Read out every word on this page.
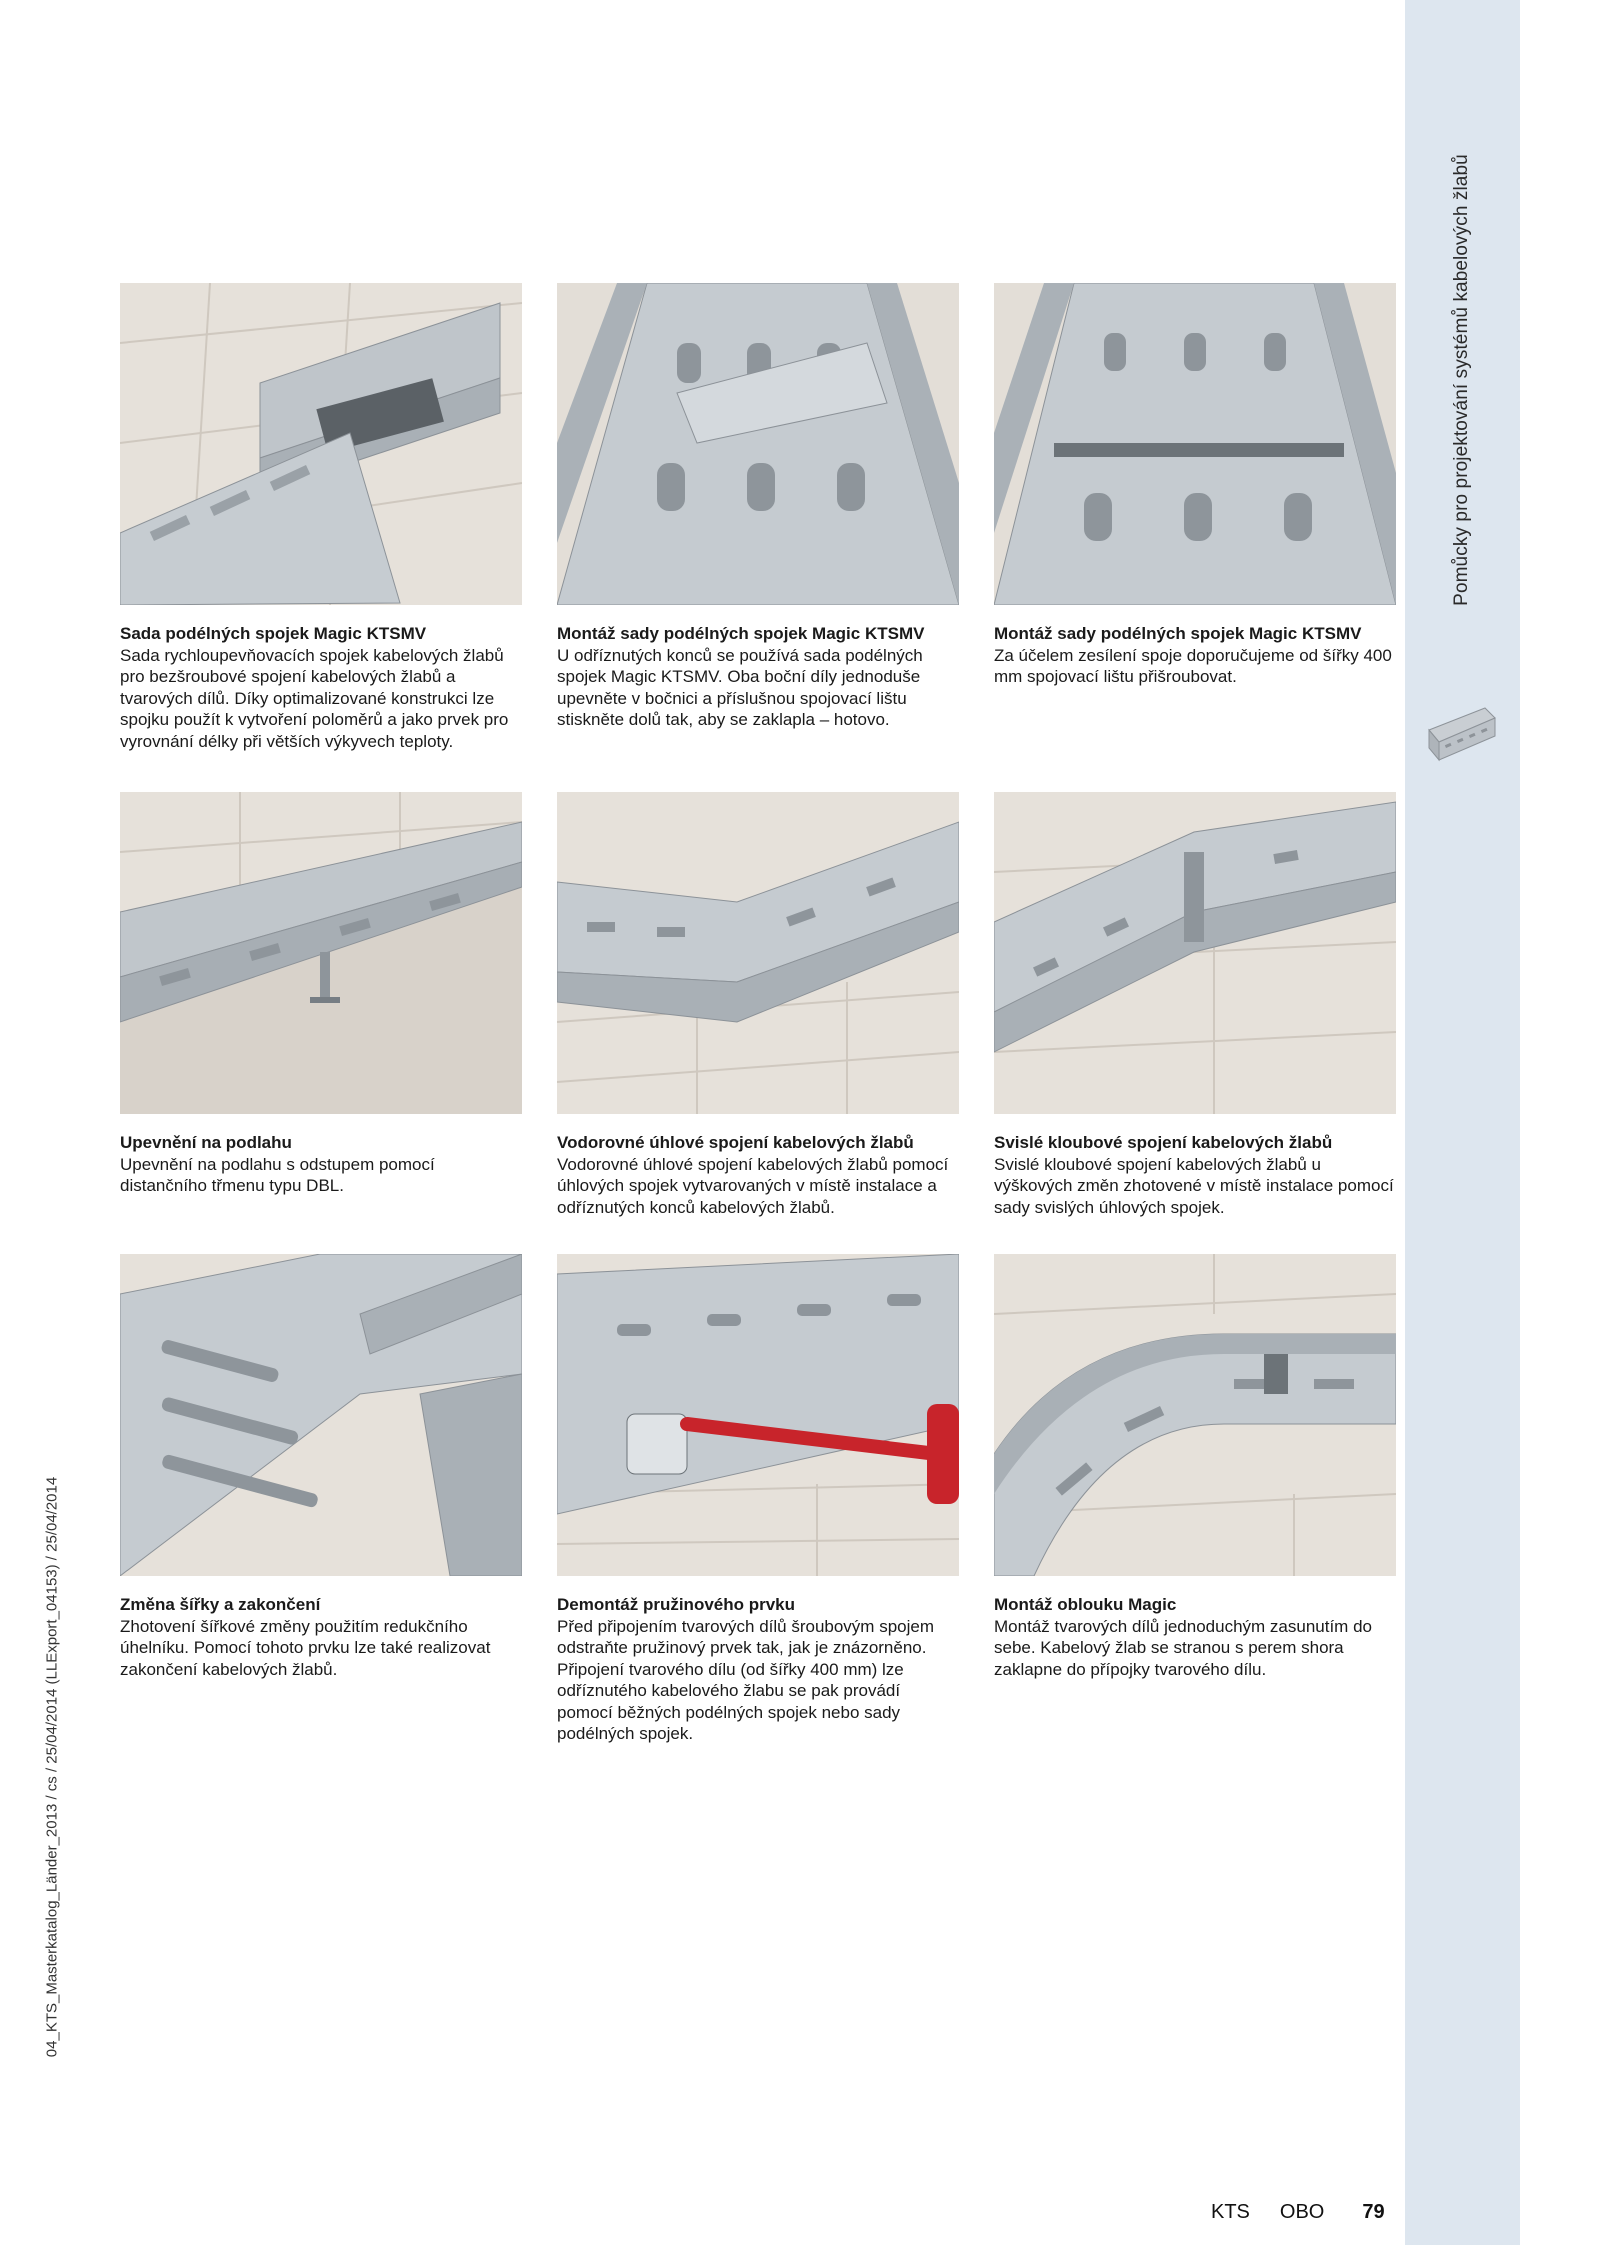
Pomůcky pro projektování systémů kabelových žlabů
04_KTS_Masterkatalog_Länder_2013 / cs / 25/04/2014 (LLExport_04153) / 25/04/2014
Sada podélných spojek Magic KTSMV
Sada rychloupevňovacích spojek kabelových žlabů pro bezšroubové spojení kabelových žlabů a tvarových dílů. Díky optimalizované konstrukci lze spojku použít k vytvoření poloměrů a jako prvek pro vyrovnání délky při větších výkyvech teploty.
Montáž sady podélných spojek Magic KTSMV
U odříznutých konců se používá sada podélných spojek Magic KTSMV. Oba boční díly jednoduše upevněte v bočnici a příslušnou spojovací lištu stiskněte dolů tak, aby se zaklapla – hotovo.
Montáž sady podélných spojek Magic KTSMV
Za účelem zesílení spoje doporučujeme od šířky 400 mm spojovací lištu přišroubovat.
Upevnění na podlahu
Upevnění na podlahu s odstupem pomocí distančního třmenu typu DBL.
Vodorovné úhlové spojení kabelových žlabů
Vodorovné úhlové spojení kabelových žlabů pomocí úhlových spojek vytvarovaných v místě instalace a odříznutých konců kabelových žlabů.
Svislé kloubové spojení kabelových žlabů
Svislé kloubové spojení kabelových žlabů u výškových změn zhotovené v místě instalace pomocí sady svislých úhlových spojek.
Změna šířky a zakončení
Zhotovení šířkové změny použitím redukčního úhelníku. Pomocí tohoto prvku lze také realizovat zakončení kabelových žlabů.
Demontáž pružinového prvku
Před připojením tvarových dílů šroubovým spojem odstraňte pružinový prvek tak, jak je znázorněno. Připojení tvarového dílu (od šířky 400 mm) lze odříznutého kabelového žlabu se pak provádí pomocí běžných podélných spojek nebo sady podélných spojek.
Montáž oblouku Magic
Montáž tvarových dílů jednoduchým zasunutím do sebe. Kabelový žlab se stranou s perem shora zaklapne do přípojky tvarového dílu.
KTS OBO 79
